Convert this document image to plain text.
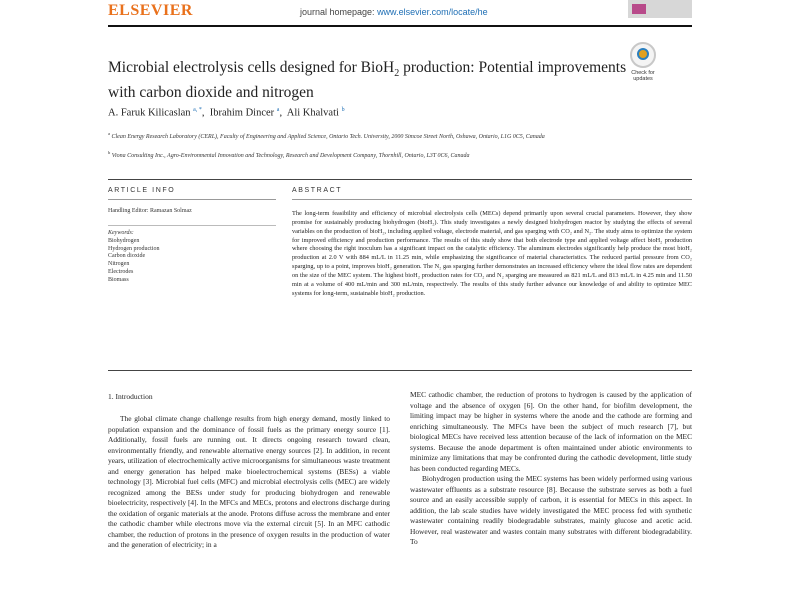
ELSEVIER	journal homepage: www.elsevier.com/locate/he
Check for
updates
Microbial electrolysis cells designed for BioH$_2$ production: Potential improvements with carbon dioxide and nitrogen
A. Faruk Kilicaslan $^{a, *}$,  Ibrahim Dincer $^a$,  Ali Khalvati $^b$
$^a$ Clean Energy Research Laboratory (CERL), Faculty of Engineering and Applied Science, Ontario Tech. University, 2000 Simcoe Street North, Oshawa, Ontario, L1G 0C5, Canada
$^b$ Viona Consulting Inc., Agro-Environmental Innovation and Technology, Research and Development Company, Thornhill, Ontario, L3T 0C6, Canada
ARTICLE INFO
Handling Editor: Ramazan Solmaz
Keywords:
Biohydrogen
Hydrogen production
Carbon dioxide
Nitrogen
Electrodes
Biomass
ABSTRACT
The long-term feasibility and efficiency of microbial electrolysis cells (MECs) depend primarily upon several crucial parameters. However, they show promise for sustainably producing biohydrogen (bioH₂). This study investigates a newly designed biohydrogen reactor by studying the effects of several variables on the production of bioH₂, including applied voltage, electrode material, and gas sparging with CO₂ and N₂. The study aims to optimize the system for improved efficiency and production performance. The results of this study show that both electrode type and applied voltage affect bioH₂ production where choosing the right inoculum has a significant impact on the catalytic efficiency. The aluminum electrodes significantly help produce the most bioH₂ production at 2.0 V with 884 mL/L in 11.25 min, while emphasizing the significance of material characteristics. The reduced partial pressure from CO₂ sparging, up to a point, improves bioH₂ generation. The N₂ gas sparging further demonstrates an increased efficiency where the ideal flow rates are dependent on the size of the MEC system. The highest bioH₂ production rates for CO₂ and N₂ sparging are measured as 821 mL/L and 813 mL/L in 4.25 min and 11.50 min at a volume of 400 mL/min and 300 mL/min, respectively. The results of this study further advance our knowledge of and ability to optimize MEC systems for long-term, sustainable bioH₂ production.
1. Introduction

The global climate change challenge results from high energy demand, mostly linked to population expansion and the dominance of fossil fuels as the primary energy source [1]. Additionally, fossil fuels are running out. It directs ongoing research toward clean, environmentally friendly, and renewable alternative energy sources [2]. In addition, in recent years, utilization of electrochemically active microorganisms for simultaneous waste treatment and energy generation has helped make bioelectrochemical systems (BESs) a viable technology [3]. Microbial fuel cells (MFC) and microbial electrolysis cells (MEC) are widely recognized among the BESs under study for producing biohydrogen and renewable bioelectricity, respectively [4]. In the MFCs and MECs, protons and electrons discharge during the oxidation of organic materials at the anode. Protons diffuse across the membrane and enter the cathodic chamber while electrons move via the external circuit [5]. In an MFC cathodic chamber, the reduction of protons in the presence of oxygen results in the production of water and the generation of electricity; in a

MEC cathodic chamber, the reduction of protons to hydrogen is caused by the application of voltage and the absence of oxygen [6]. On the other hand, for biofilm development, the limiting impact may be higher in systems where the anode and the cathode are forming and enriching simultaneously. The MFCs have been the subject of much research [7], but biological MECs have received less attention because of the lack of information on the MEC systems. Because the anode department is often maintained under abiotic environments to minimize any limitations that may be confronted during the cathodic development, little study has been conducted regarding MECs.

Biohydrogen production using the MEC systems has been widely performed using various wastewater effluents as a substrate resource [8]. Because the substrate serves as both a fuel source and an easily accessible supply of carbon, it is essential for MECs in this aspect. In addition, the lab scale studies have widely investigated the MEC process fed with synthetic wastewater containing readily biodegradable substrates, mainly glucose and acetic acid. However, real wastewater and wastes contain many substrates with different biodegradability. To
